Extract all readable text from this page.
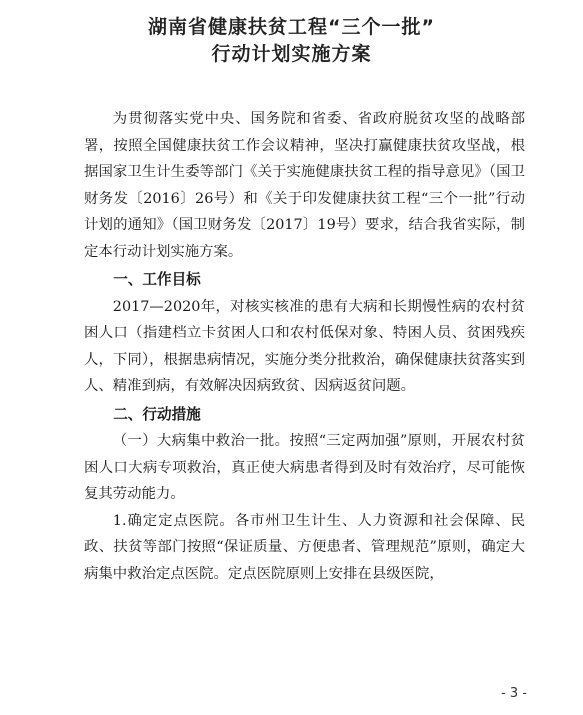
湖南省健康扶贫工程“三个一批”
行动计划实施方案

为贯彻落实党中央、国务院和省委、省政府脱贫攻坚的战略部署，按照全国健康扶贫工作会议精神，坚决打赢健康扶贫攻坚战，根据国家卫生计生委等部门《关于实施健康扶贫工程的指导意见》（国卫财务发〔2016〕26号）和《关于印发健康扶贫工程“三个一批”行动计划的通知》（国卫财务发〔2017〕19号）要求，结合我省实际，制定本行动计划实施方案。

一、工作目标

2017—2020年，对核实核准的患有大病和长期慢性病的农村贫困人口（指建档立卡贫困人口和农村低保对象、特困人员、贫困残疾人，下同），根据患病情况，实施分类分批救治，确保健康扶贫落实到人、精准到病，有效解决因病致贫、因病返贫问题。

二、行动措施

（一）大病集中救治一批。按照“三定两加强”原则，开展农村贫困人口大病专项救治，真正使大病患者得到及时有效治疗，尽可能恢复其劳动能力。

1.确定定点医院。各市州卫生计生、人力资源和社会保障、民政、扶贫等部门按照“保证质量、方便患者、管理规范”原则，确定大病集中救治定点医院。定点医院原则上安排在县级医院，

- 3 -
